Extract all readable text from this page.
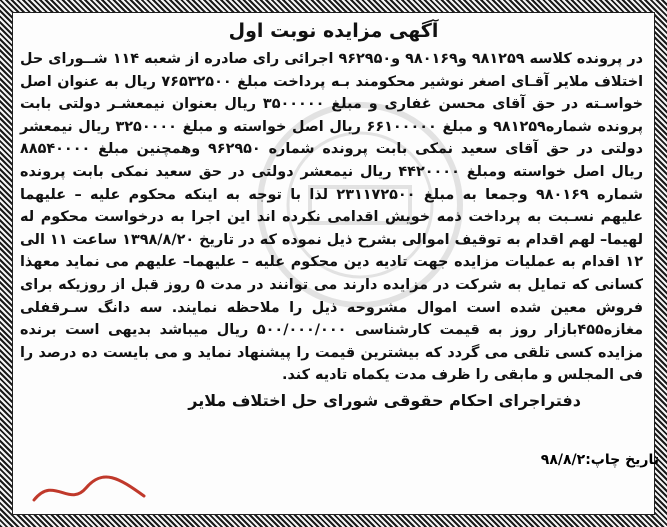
آگهی مزایده نوبت اول
در پرونده کلاسه ۹۸۱۲۵۹ و۹۸۰۱۶۹ و۹۶۲۹۵۰ اجرائی رای صادره از شعبه ۱۱۴ شــورای حل اختلاف ملایر آقـای اصغر نوشیر محکومند بـه پرداخت مبلغ ۷۶۵۳۲۵۰۰ ریال به عنوان اصل خواسـته در حق آقای محسن غفاری و مبلغ ۳۵۰۰۰۰۰ ریال بعنوان نیمعشـر دولتی بابت پرونده شماره۹۸۱۲۵۹ و مبلغ ۶۶۱۰۰۰۰۰ ریال اصل خواسته و مبلغ ۳۲۵۰۰۰۰ ریال نیمعشر دولتی در حق آقای سعید نمکی بابت پرونده شماره ۹۶۲۹۵۰ وهمچنین مبلغ ۸۸۵۴۰۰۰۰ ریال اصل خواسته ومبلغ ۴۴۲۰۰۰۰ ریال نیمعشر دولتی در حق سعید نمکی بابت پرونده شماره ۹۸۰۱۶۹ وجمعا به مبلغ ۲۳۱۱۷۲۵۰۰ لذا با توجه به اینکه محکوم علیه – علیهما علیهم نسـبت به پرداخت ذمه خویش اقدامی نکرده اند این اجرا به درخواست محکوم له لهیما– لهم اقدام به توقیف اموالی بشرح ذیل نموده که در تاریخ ۱۳۹۸/۸/۲۰ ساعت ۱۱ الی ۱۲ اقدام به عملیات مزایده جهت تادیه دین محکوم علیه – علیهما– علیهم می نماید معهذا کسانی که تمایل به شرکت در مزایده دارند می توانند در مدت ۵ روز قبل از روزیکه برای فروش معین شده است اموال مشروحه ذیل را ملاحظه نمایند. سه دانگ سـرقفلی مغازه۴۵۵بازار روز به قیمت کارشناسی ۵۰۰/۰۰۰/۰۰۰ ریال میباشد بدیهی است برنده مزایده کسی تلقی می گردد که بیشترین قیمت را پیشنهاد نماید و می بایست ده درصد را فی المجلس و مابقی را ظرف مدت یکماه تادیه کند.
دفتراجرای احکام حقوقی شورای حل اختلاف ملایر
تاریخ چاپ:۹۸/۸/۲
